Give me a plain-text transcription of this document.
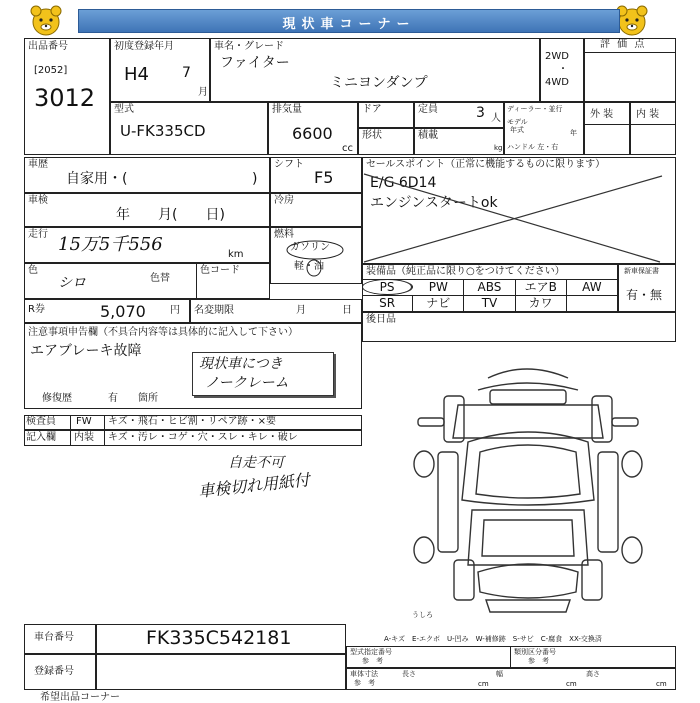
現状車コーナー
出品番号
[2052]
3012
初度登録年月
H4 7
月
車名・グレード
ファイター
ミニヨンダンプ
2WD
・
4WD
評 価 点
型式
U-FK335CD
排気量
6600
cc
ドア	定員	3 人
形状	積載
kg
ディーラー・並行
モデル
年式	年
ハンドル 左・右
外 装 内 装
車歴
自家用・(	)
シフト
F5
車検
年　　月(　　日)
冷房
走行 15万5千556	km
燃料
ガソリン
軽・油
色
シロ	色替
色コード
R券	5,070 円 名変期限	月	日
注意事項申告欄（不具合内容等は具体的に記入して下さい）
エアブレーキ故障
現状車につき
ノークレーム
修復歴	有 箇所
検査員 FW キズ・飛石・ヒビ割・リペア跡・×要
記入欄 内装 キズ・汚レ・コゲ・穴・スレ・キレ・破レ
自走不可
車検切れ用紙付
セールスポイント（正常に機能するものに限ります）
E/G 6D14
エンジンスタートok
装備品（純正品に限り○をつけてください）	新車保証書
有・無
後日品
うしろ
A-キズ　E-エクボ　U-凹み　W-補修跡　S-サビ　C-腐食　XX-交換済
車台番号	FK335C542181
登録番号
型式指定番号
参　考
類別区分番号
参　考
車体寸法
参　考
長さ
cm
幅
cm
高さ
cm
希望出品コーナー
PS	PW	ABS	エアB	AW
SR	ナビ	TV	カワ
